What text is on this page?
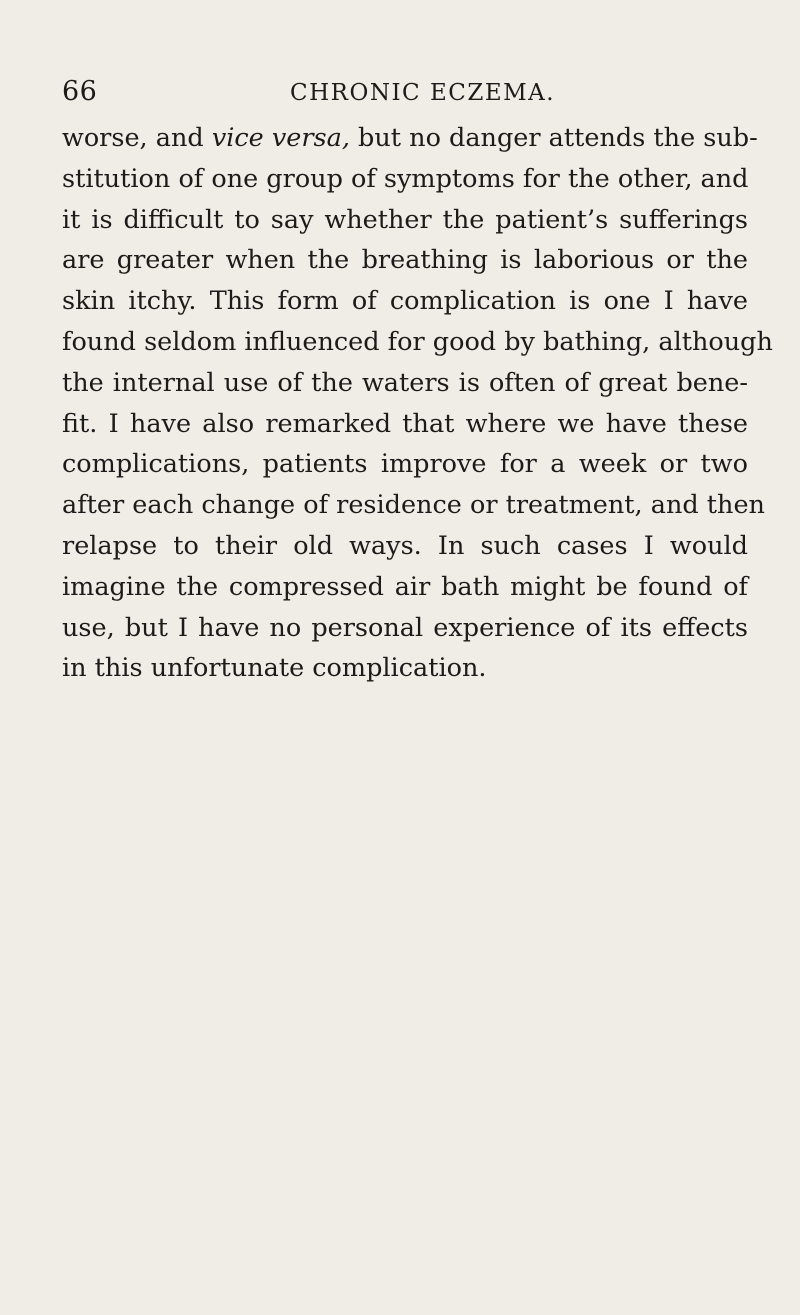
66	CHRONIC ECZEMA.
worse, and vice versa, but no danger attends the sub-
stitution of one group of symptoms for the other, and
it is difficult to say whether the patient’s sufferings
are greater when the breathing is laborious or the
skin itchy. This form of complication is one I have
found seldom influenced for good by bathing, although
the internal use of the waters is often of great bene-
fit. I have also remarked that where we have these
complications, patients improve for a week or two
after each change of residence or treatment, and then
relapse to their old ways. In such cases I would
imagine the compressed air bath might be found of
use, but I have no personal experience of its effects
in this unfortunate complication.
